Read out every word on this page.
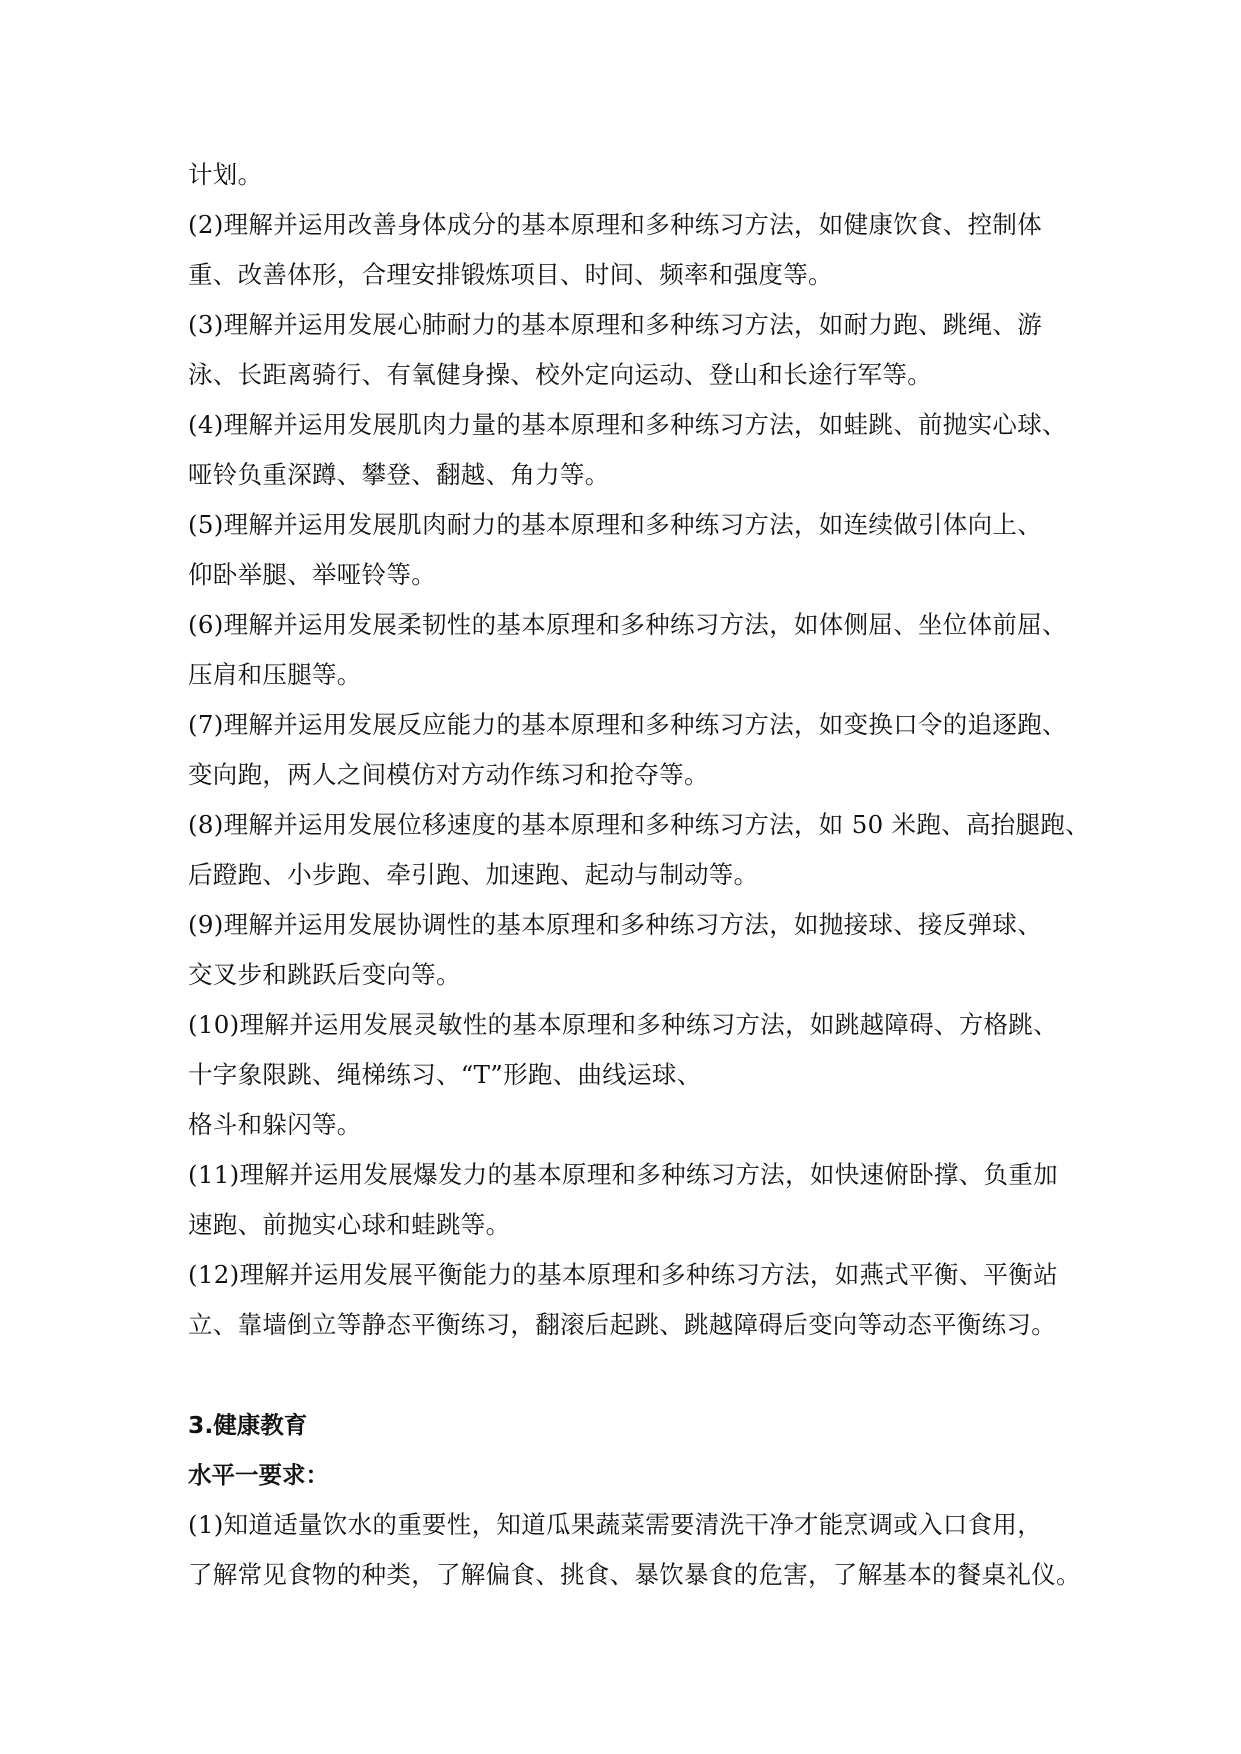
计划。
(2)理解并运用改善身体成分的基本原理和多种练习方法，如健康饮食、控制体
重、改善体形，合理安排锻炼项目、时间、频率和强度等。
(3)理解并运用发展心肺耐力的基本原理和多种练习方法，如耐力跑、跳绳、游
泳、长距离骑行、有氧健身操、校外定向运动、登山和长途行军等。
(4)理解并运用发展肌肉力量的基本原理和多种练习方法，如蛙跳、前抛实心球、
哑铃负重深蹲、攀登、翻越、角力等。
(5)理解并运用发展肌肉耐力的基本原理和多种练习方法，如连续做引体向上、
仰卧举腿、举哑铃等。
(6)理解并运用发展柔韧性的基本原理和多种练习方法，如体侧屈、坐位体前屈、
压肩和压腿等。
(7)理解并运用发展反应能力的基本原理和多种练习方法，如变换口令的追逐跑、
变向跑，两人之间模仿对方动作练习和抢夺等。
(8)理解并运用发展位移速度的基本原理和多种练习方法，如 50 米跑、高抬腿跑、
后蹬跑、小步跑、牵引跑、加速跑、起动与制动等。
(9)理解并运用发展协调性的基本原理和多种练习方法，如抛接球、接反弹球、
交叉步和跳跃后变向等。
(10)理解并运用发展灵敏性的基本原理和多种练习方法，如跳越障碍、方格跳、
十字象限跳、绳梯练习、“T”形跑、曲线运球、
格斗和躲闪等。
(11)理解并运用发展爆发力的基本原理和多种练习方法，如快速俯卧撑、负重加
速跑、前抛实心球和蛙跳等。
(12)理解并运用发展平衡能力的基本原理和多种练习方法，如燕式平衡、平衡站
立、靠墙倒立等静态平衡练习，翻滚后起跳、跳越障碍后变向等动态平衡练习。
3.健康教育
水平一要求：
(1)知道适量饮水的重要性，知道瓜果蔬菜需要清洗干净才能烹调或入口食用，
了解常见食物的种类，了解偏食、挑食、暴饮暴食的危害，了解基本的餐桌礼仪。
